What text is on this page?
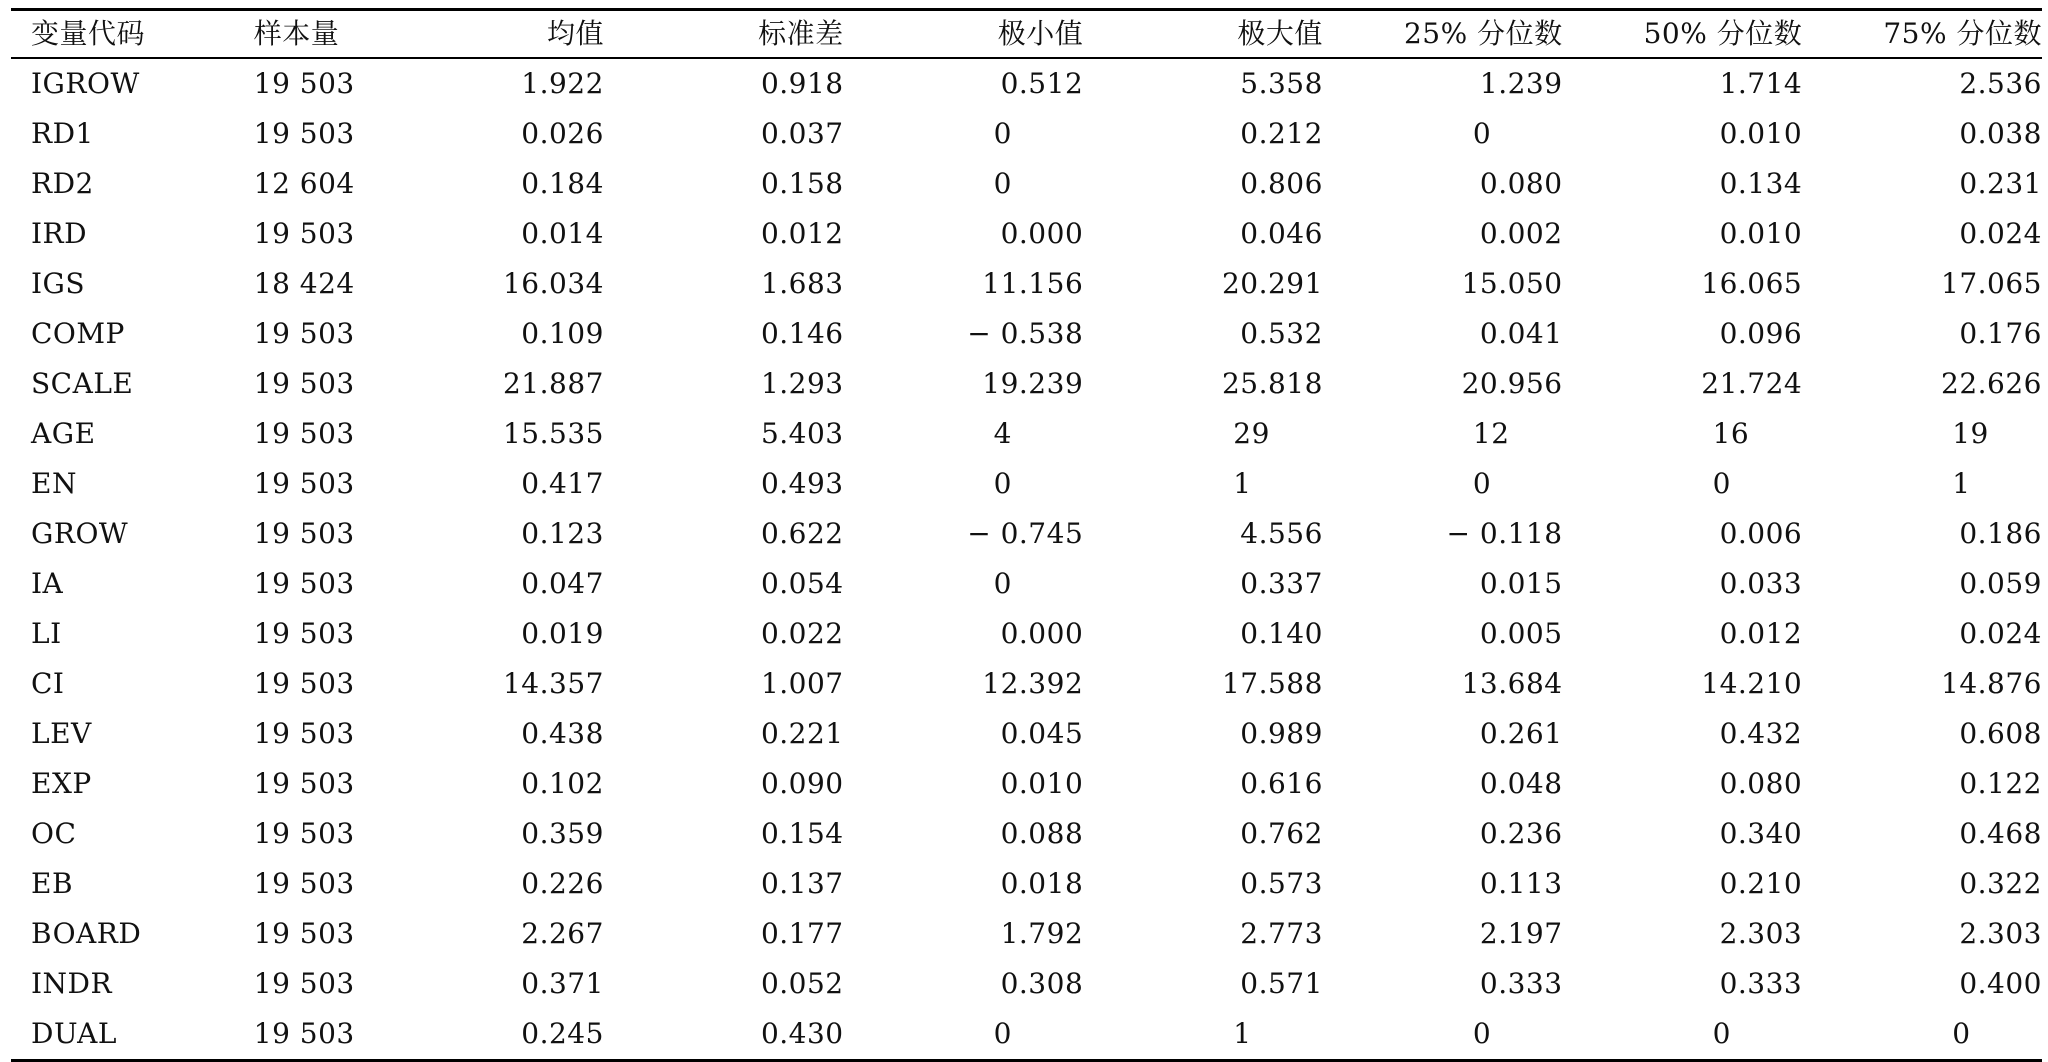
变量代码	样本量	均值	标准差	极小值	极大值	25% 分位数	50% 分位数	75% 分位数
IGROW	19 503	1.922	0.918	0.512	5.358	1.239	1.714	2.536
RD1	19 503	0.026	0.037	0	0.212	0	0.010	0.038
RD2	12 604	0.184	0.158	0	0.806	0.080	0.134	0.231
IRD	19 503	0.014	0.012	0.000	0.046	0.002	0.010	0.024
IGS	18 424	16.034	1.683	11.156	20.291	15.050	16.065	17.065
COMP	19 503	0.109	0.146	− 0.538	0.532	0.041	0.096	0.176
SCALE	19 503	21.887	1.293	19.239	25.818	20.956	21.724	22.626
AGE	19 503	15.535	5.403	4	29	12	16	19
EN	19 503	0.417	0.493	0	1	0	0	1
GROW	19 503	0.123	0.622	− 0.745	4.556	− 0.118	0.006	0.186
IA	19 503	0.047	0.054	0	0.337	0.015	0.033	0.059
LI	19 503	0.019	0.022	0.000	0.140	0.005	0.012	0.024
CI	19 503	14.357	1.007	12.392	17.588	13.684	14.210	14.876
LEV	19 503	0.438	0.221	0.045	0.989	0.261	0.432	0.608
EXP	19 503	0.102	0.090	0.010	0.616	0.048	0.080	0.122
OC	19 503	0.359	0.154	0.088	0.762	0.236	0.340	0.468
EB	19 503	0.226	0.137	0.018	0.573	0.113	0.210	0.322
BOARD	19 503	2.267	0.177	1.792	2.773	2.197	2.303	2.303
INDR	19 503	0.371	0.052	0.308	0.571	0.333	0.333	0.400
DUAL	19 503	0.245	0.430	0	1	0	0	0
